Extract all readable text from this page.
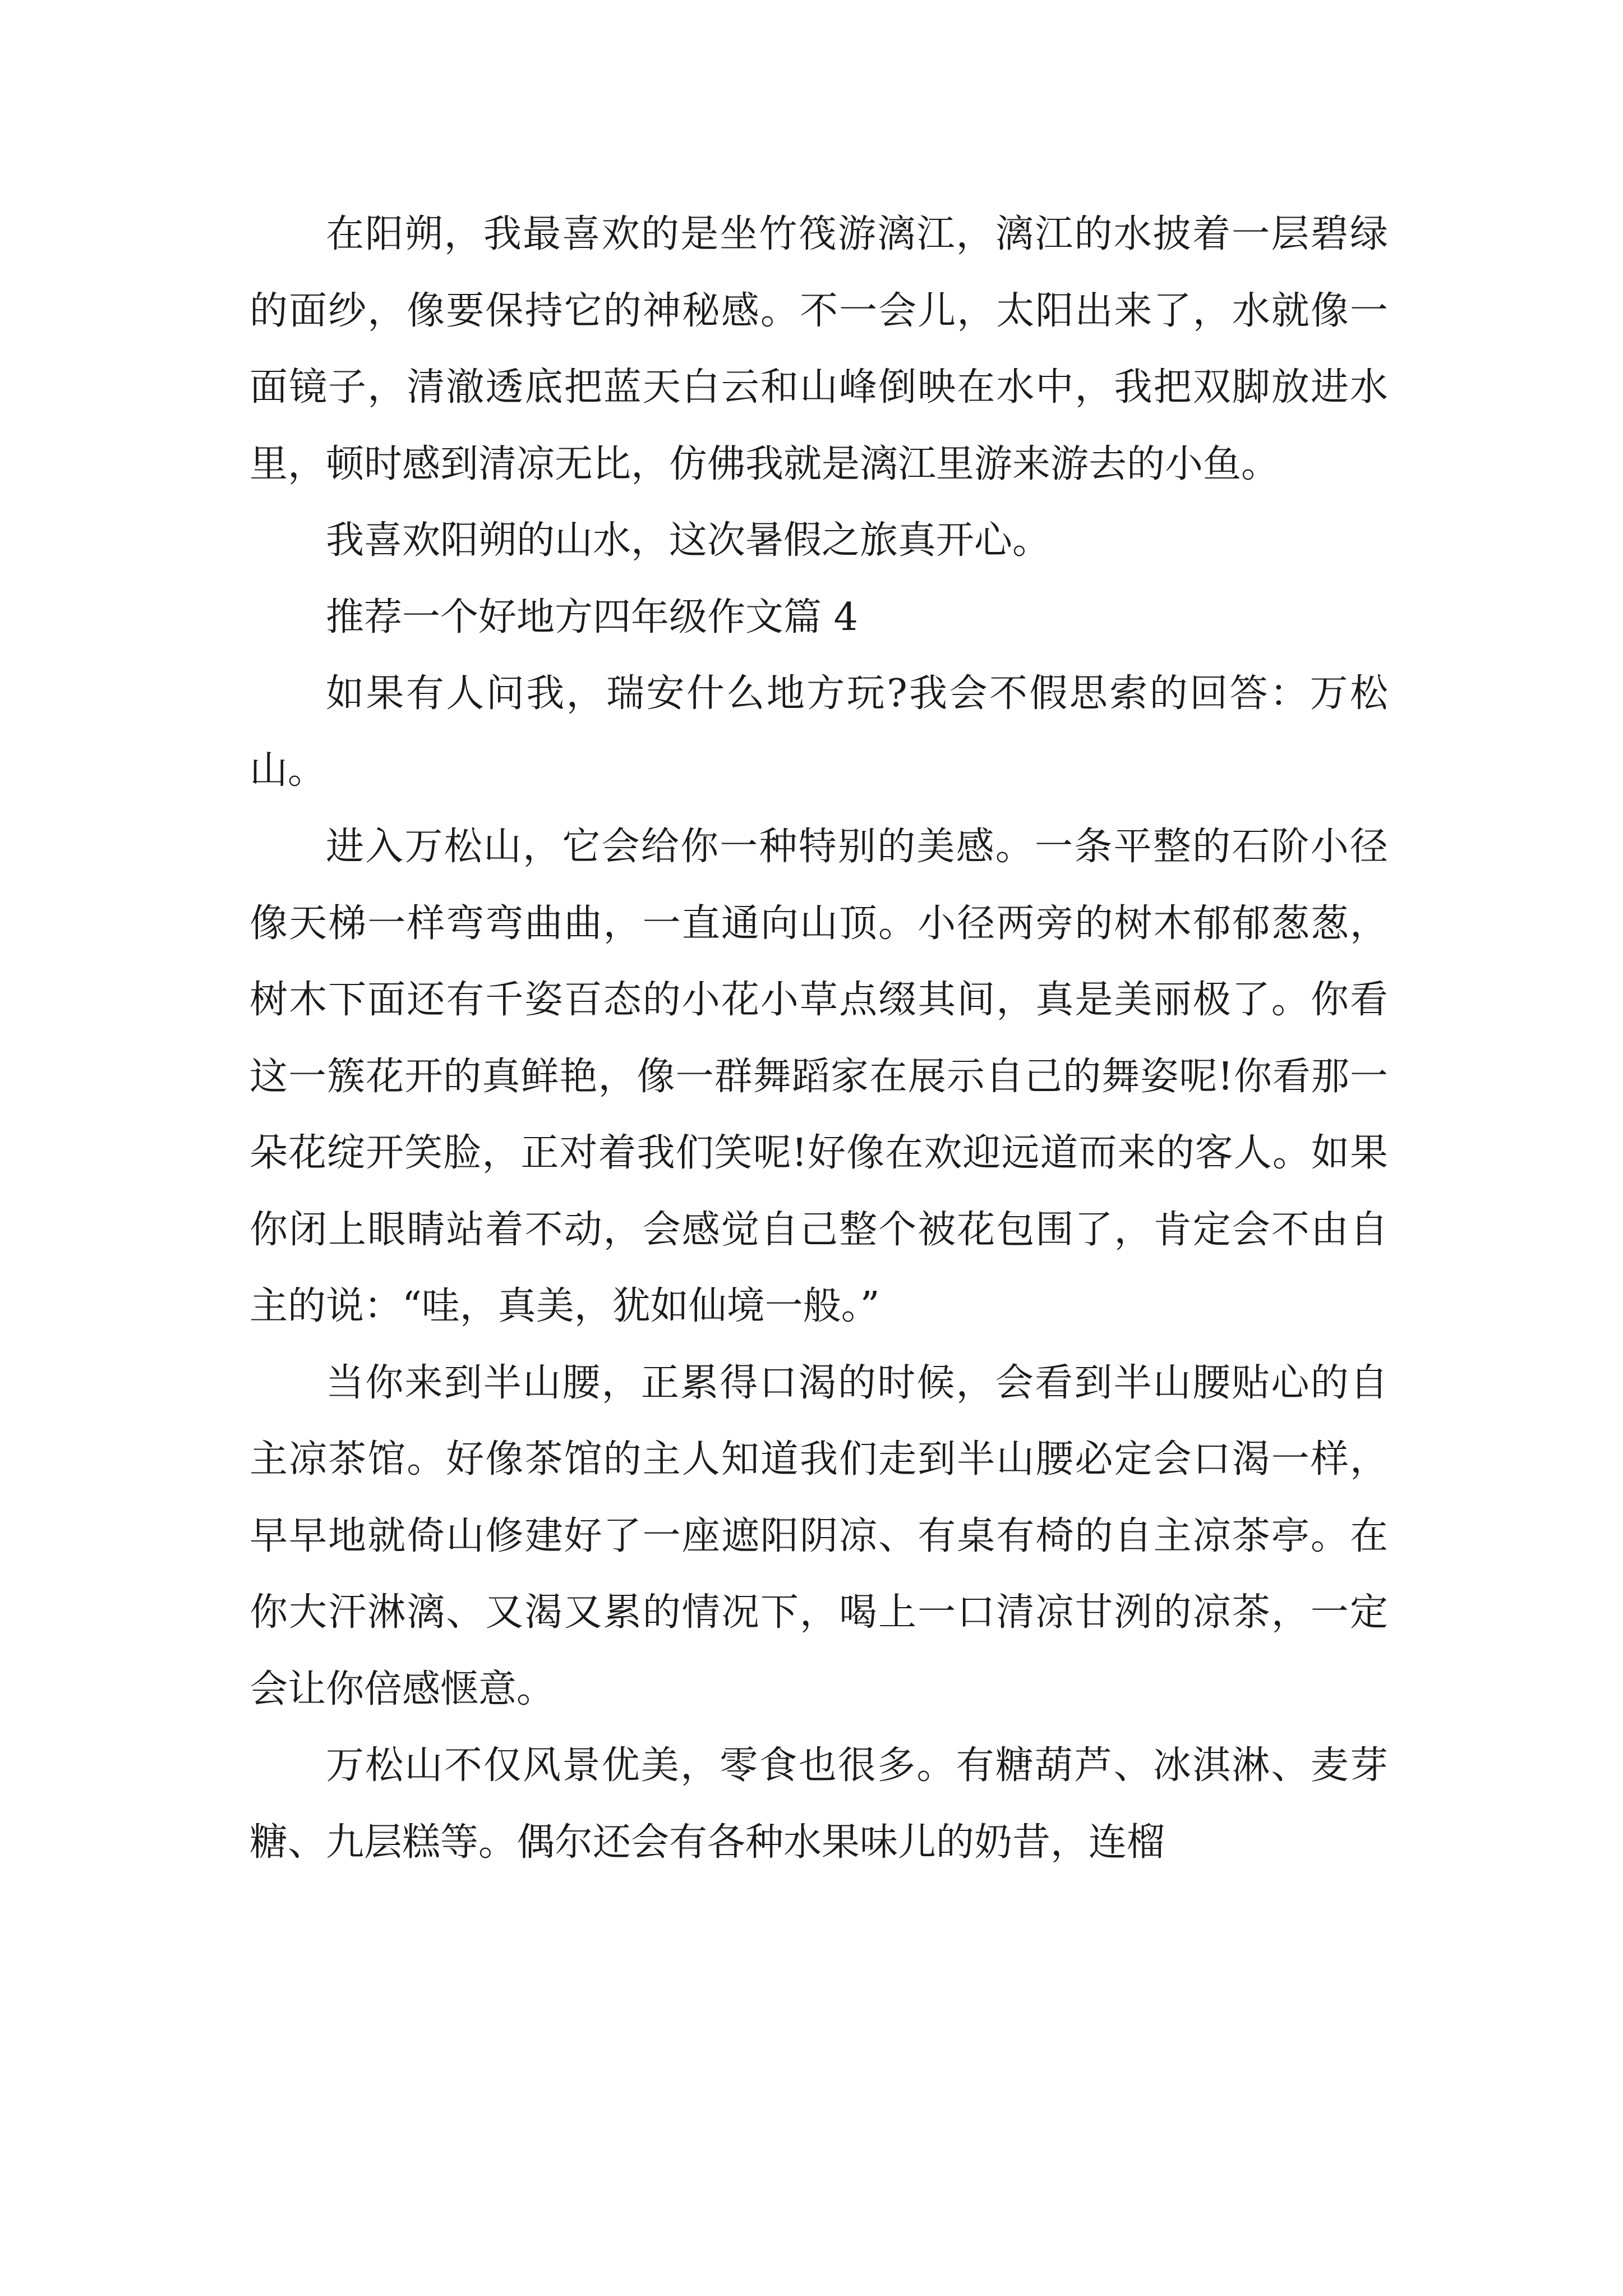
在阳朔，我最喜欢的是坐竹筏游漓江，漓江的水披着一层碧绿的面纱，像要保持它的神秘感。不一会儿，太阳出来了，水就像一面镜子，清澈透底把蓝天白云和山峰倒映在水中，我把双脚放进水里，顿时感到清凉无比，仿佛我就是漓江里游来游去的小鱼。

我喜欢阳朔的山水，这次暑假之旅真开心。

推荐一个好地方四年级作文篇 4

如果有人问我，瑞安什么地方玩?我会不假思索的回答：万松山。

进入万松山，它会给你一种特别的美感。一条平整的石阶小径像天梯一样弯弯曲曲，一直通向山顶。小径两旁的树木郁郁葱葱，树木下面还有千姿百态的小花小草点缀其间，真是美丽极了。你看这一簇花开的真鲜艳，像一群舞蹈家在展示自己的舞姿呢!你看那一朵花绽开笑脸，正对着我们笑呢!好像在欢迎远道而来的客人。如果你闭上眼睛站着不动，会感觉自己整个被花包围了，肯定会不由自主的说：“哇，真美，犹如仙境一般。”

当你来到半山腰，正累得口渴的时候，会看到半山腰贴心的自主凉茶馆。好像茶馆的主人知道我们走到半山腰必定会口渴一样，早早地就倚山修建好了一座遮阳阴凉、有桌有椅的自主凉茶亭。在你大汗淋漓、又渴又累的情况下，喝上一口清凉甘洌的凉茶，一定会让你倍感惬意。

万松山不仅风景优美，零食也很多。有糖葫芦、冰淇淋、麦芽糖、九层糕等。偶尔还会有各种水果味儿的奶昔，连榴
